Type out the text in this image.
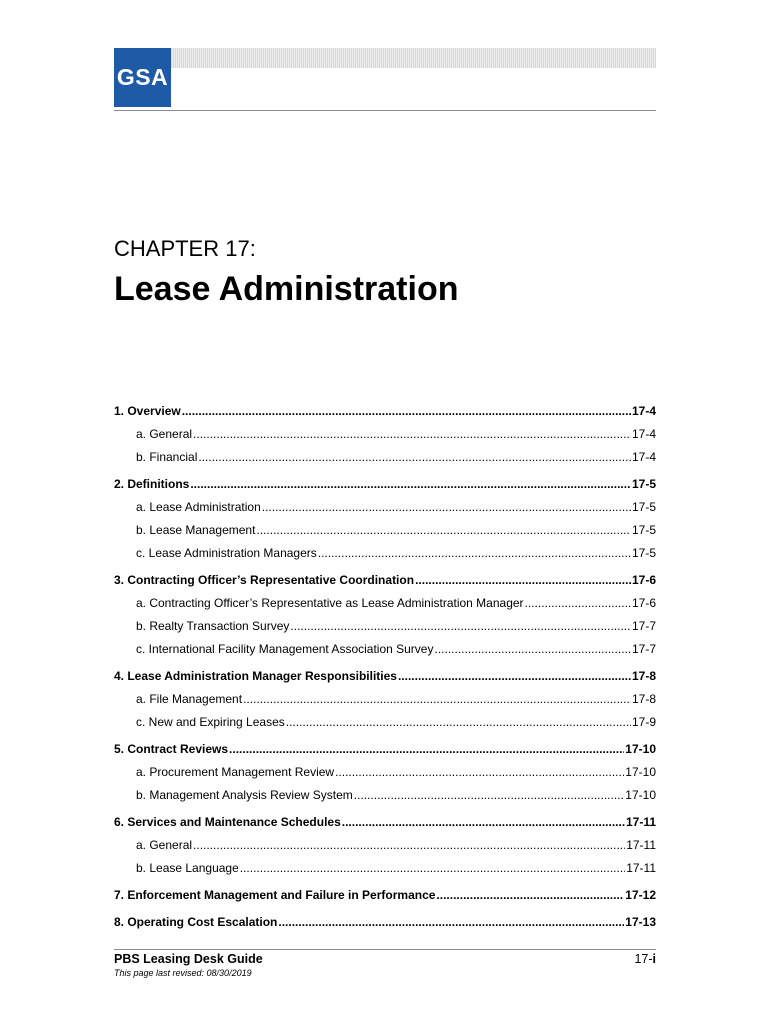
GSA
CHAPTER 17:
Lease Administration
1. Overview .....	17-4
a. General .....	17-4
b. Financial .....	17-4
2. Definitions .....	17-5
a. Lease Administration .....	17-5
b. Lease Management .....	17-5
c. Lease Administration Managers .....	17-5
3. Contracting Officer’s Representative Coordination .....	17-6
a. Contracting Officer’s Representative as Lease Administration Manager .....	17-6
b. Realty Transaction Survey .....	17-7
c. International Facility Management Association Survey .....	17-7
4. Lease Administration Manager Responsibilities .....	17-8
a. File Management .....	17-8
c. New and Expiring Leases .....	17-9
5. Contract Reviews .....	17-10
a. Procurement Management Review .....	17-10
b. Management Analysis Review System .....	17-10
6. Services and Maintenance Schedules .....	17-11
a. General .....	17-11
b. Lease Language .....	17-11
7. Enforcement Management and Failure in Performance .....	17-12
8. Operating Cost Escalation .....	17-13
PBS Leasing Desk Guide
This page last revised: 08/30/2019
17-i
